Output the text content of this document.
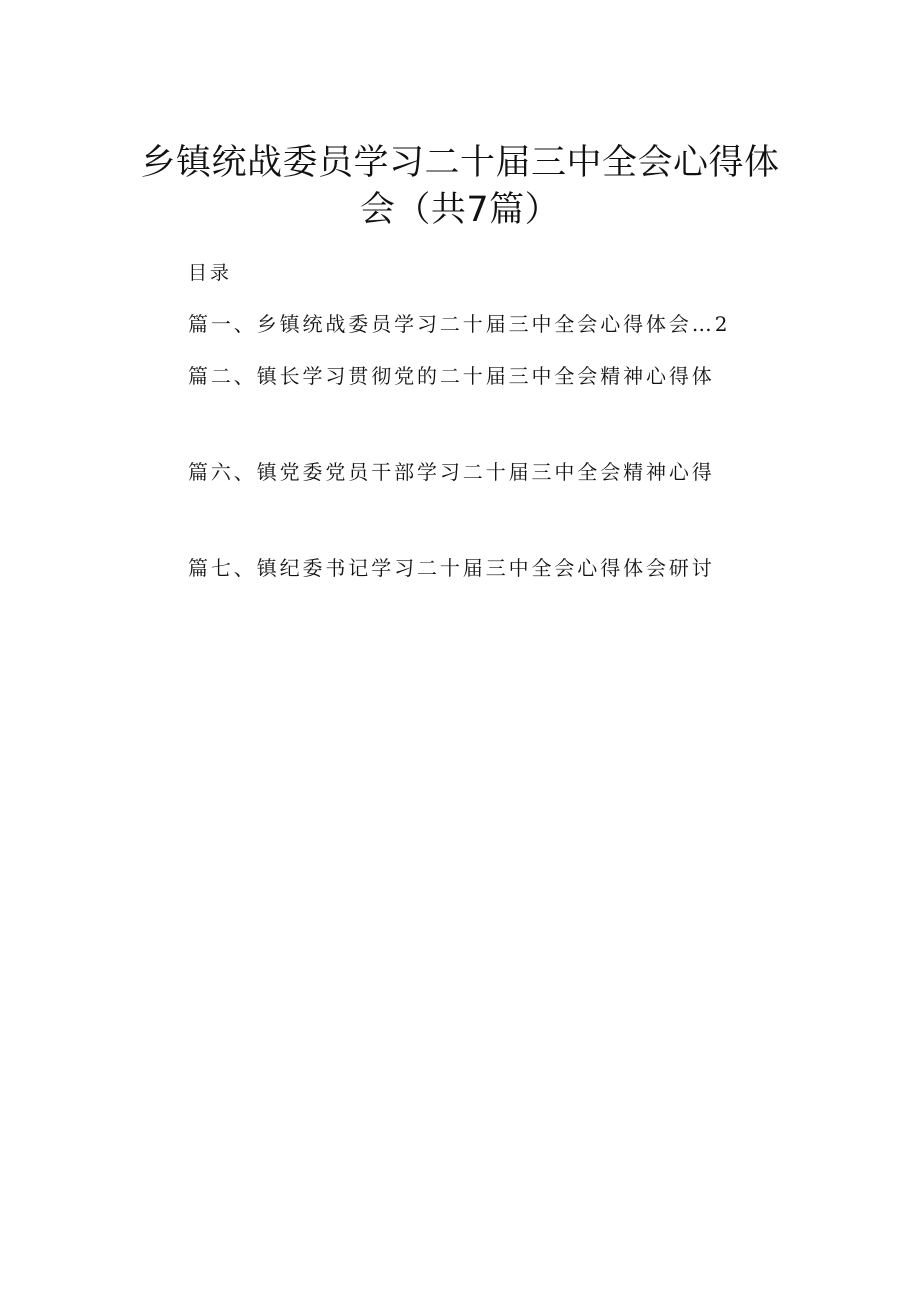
乡镇统战委员学习二十届三中全会心得体
会（共7篇）
目录
篇一、乡镇统战委员学习二十届三中全会心得体会…2
篇二、镇长学习贯彻党的二十届三中全会精神心得体
篇六、镇党委党员干部学习二十届三中全会精神心得
篇七、镇纪委书记学习二十届三中全会心得体会研讨
